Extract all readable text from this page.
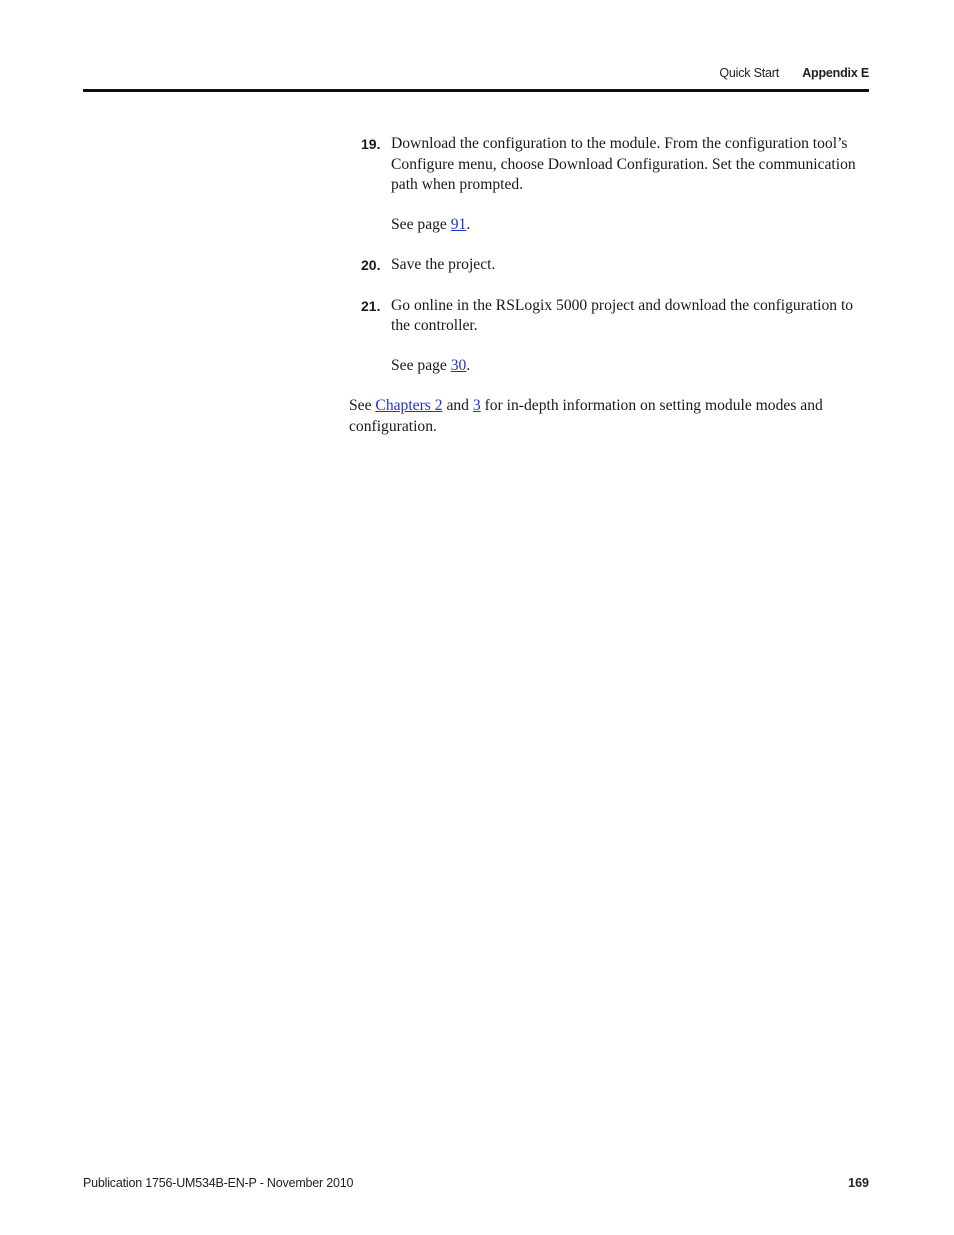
Quick Start Appendix E

19. Download the configuration to the module. From the configuration tool’s Configure menu, choose Download Configuration. Set the communication path when prompted.

See page 91.

20. Save the project.

21. Go online in the RSLogix 5000 project and download the configuration to the controller.

See page 30.

See Chapters 2 and 3 for in-depth information on setting module modes and configuration.

Publication 1756-UM534B-EN-P - November 2010	169
